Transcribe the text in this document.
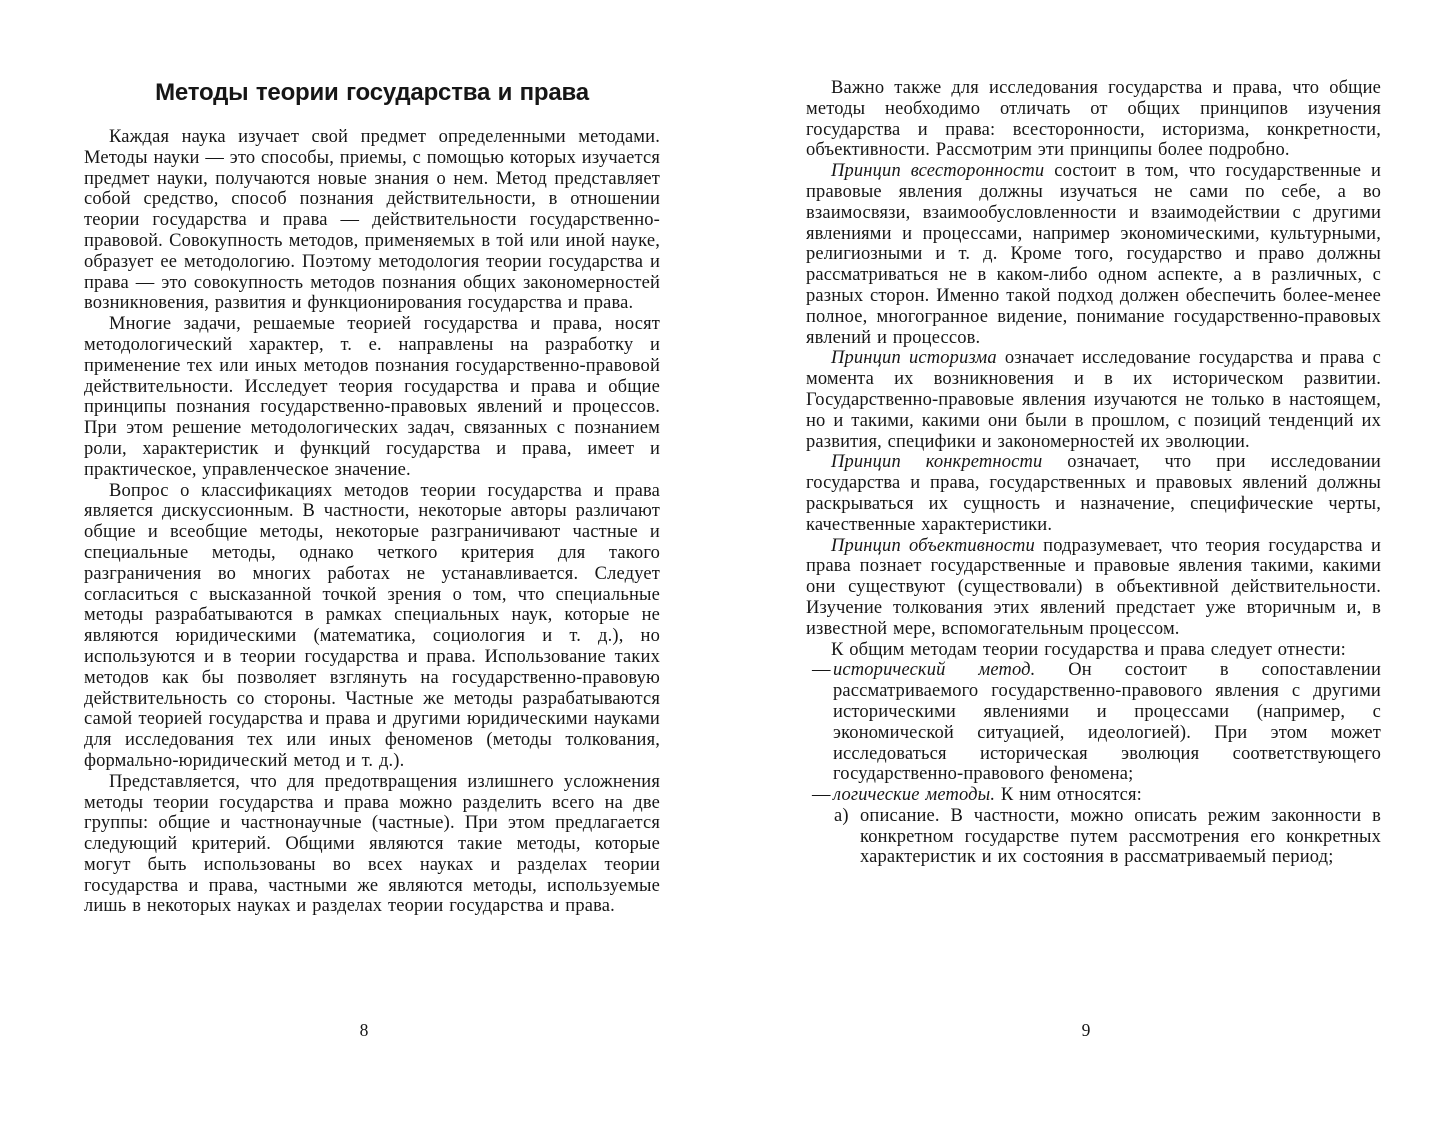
Методы теории государства и права
Каждая наука изучает свой предмет определенными методами. Методы науки — это способы, приемы, с помощью которых изучается предмет науки, получаются новые знания о нем. Метод представляет собой средство, способ познания действительности, в отношении теории государства и права — действительности государственно-правовой. Совокупность методов, применяемых в той или иной науке, образует ее методологию. Поэтому методология теории государства и права — это совокупность методов познания общих закономерностей возникновения, развития и функционирования государства и права.
Многие задачи, решаемые теорией государства и права, носят методологический характер, т. е. направлены на разработку и применение тех или иных методов познания государственно-правовой действительности. Исследует теория государства и права и общие принципы познания государственно-правовых явлений и процессов. При этом решение методологических задач, связанных с познанием роли, характеристик и функций государства и права, имеет и практическое, управленческое значение.
Вопрос о классификациях методов теории государства и права является дискуссионным. В частности, некоторые авторы различают общие и всеобщие методы, некоторые разграничивают частные и специальные методы, однако четкого критерия для такого разграничения во многих работах не устанавливается. Следует согласиться с высказанной точкой зрения о том, что специальные методы разрабатываются в рамках специальных наук, которые не являются юридическими (математика, социология и т. д.), но используются и в теории государства и права. Использование таких методов как бы позволяет взглянуть на государственно-правовую действительность со стороны. Частные же методы разрабатываются самой теорией государства и права и другими юридическими науками для исследования тех или иных феноменов (методы толкования, формально-юридический метод и т. д.).
Представляется, что для предотвращения излишнего усложнения методы теории государства и права можно разделить всего на две группы: общие и частнонаучные (частные). При этом предлагается следующий критерий. Общими являются такие методы, которые могут быть использованы во всех науках и разделах теории государства и права, частными же являются методы, используемые лишь в некоторых науках и разделах теории государства и права.
Важно также для исследования государства и права, что общие методы необходимо отличать от общих принципов изучения государства и права: всесторонности, историзма, конкретности, объективности. Рассмотрим эти принципы более подробно.
Принцип всесторонности состоит в том, что государственные и правовые явления должны изучаться не сами по себе, а во взаимосвязи, взаимообусловленности и взаимодействии с другими явлениями и процессами, например экономическими, культурными, религиозными и т. д. Кроме того, государство и право должны рассматриваться не в каком-либо одном аспекте, а в различных, с разных сторон. Именно такой подход должен обеспечить более-менее полное, многогранное видение, понимание государственно-правовых явлений и процессов.
Принцип историзма означает исследование государства и права с момента их возникновения и в их историческом развитии. Государственно-правовые явления изучаются не только в настоящем, но и такими, какими они были в прошлом, с позиций тенденций их развития, специфики и закономерностей их эволюции.
Принцип конкретности означает, что при исследовании государства и права, государственных и правовых явлений должны раскрываться их сущность и назначение, специфические черты, качественные характеристики.
Принцип объективности подразумевает, что теория государства и права познает государственные и правовые явления такими, какими они существуют (существовали) в объективной действительности. Изучение толкования этих явлений предстает уже вторичным и, в известной мере, вспомогательным процессом.
К общим методам теории государства и права следует отнести:
— исторический метод. Он состоит в сопоставлении рассматриваемого государственно-правового явления с другими историческими явлениями и процессами (например, с экономической ситуацией, идеологией). При этом может исследоваться историческая эволюция соответствующего государственно-правового феномена;
— логические методы. К ним относятся:
а) описание. В частности, можно описать режим законности в конкретном государстве путем рассмотрения его конкретных характеристик и их состояния в рассматриваемый период;
8	9
